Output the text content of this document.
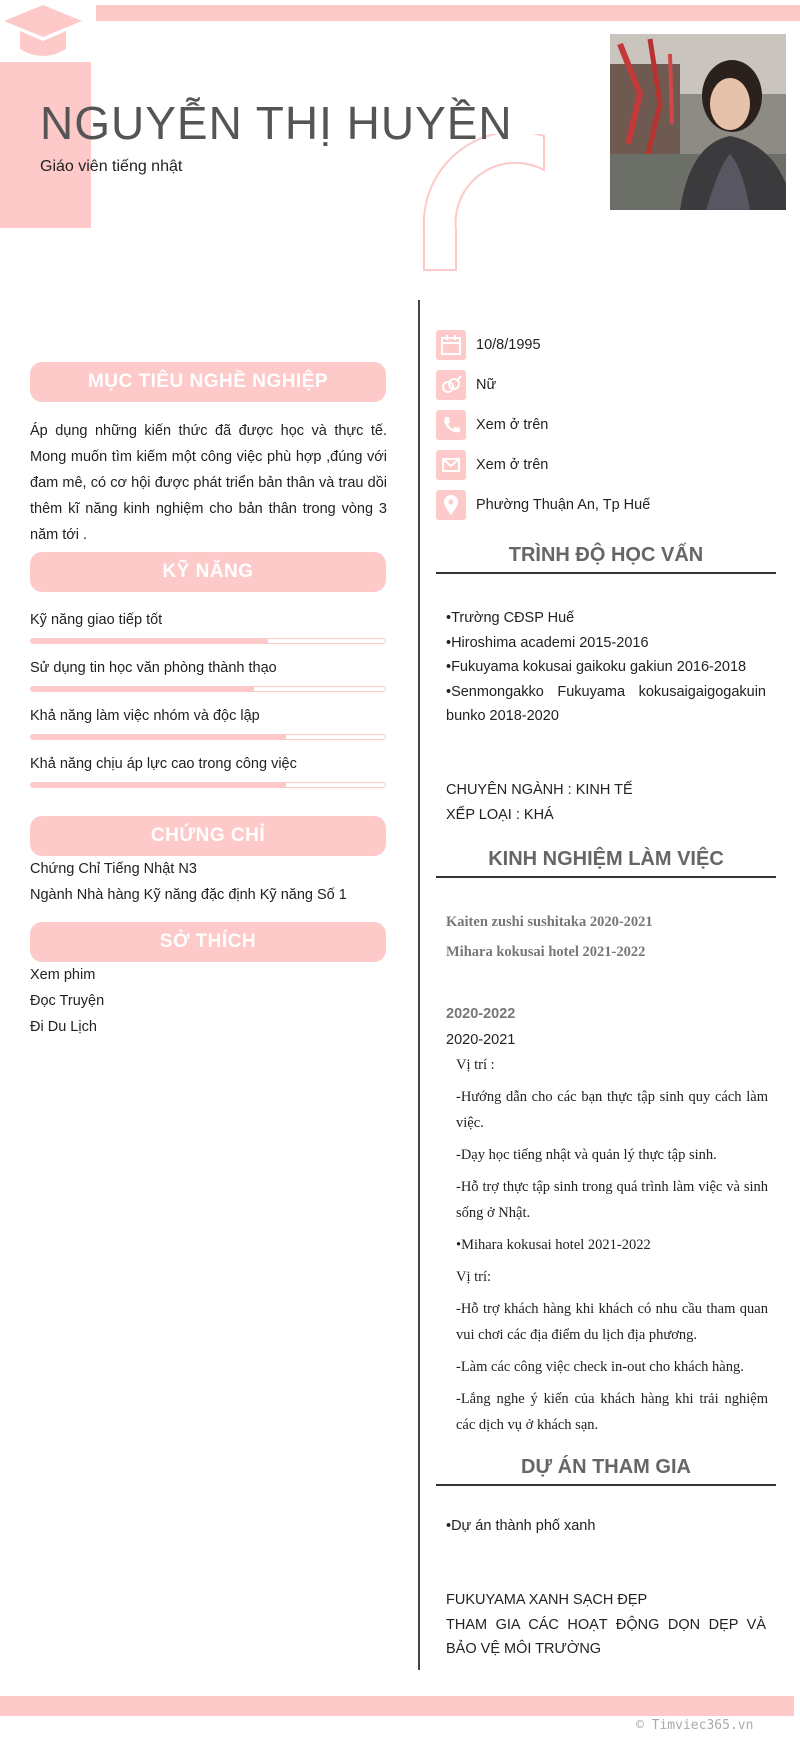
NGUYỄN THỊ HUYỀN
Giáo viên tiếng nhật
MỤC TIÊU NGHỀ NGHIỆP
Áp dụng những kiến thức đã được học và thực tế. Mong muốn tìm kiếm một công việc phù hợp ,đúng với đam mê, có cơ hội được phát triển bản thân và trau dồi thêm kĩ năng kinh nghiệm cho bản thân trong vòng 3 năm tới .
KỸ NĂNG
Kỹ năng giao tiếp tốt
Sử dụng tin học văn phòng thành thạo
Khả năng làm việc nhóm và độc lập
Khả năng chịu áp lực cao trong công việc
CHỨNG CHỈ
Chứng Chỉ Tiếng Nhật N3
Ngành Nhà hàng Kỹ năng đặc định Kỹ năng Số 1
SỞ THÍCH
Xem phim
Đọc Truyện
Đi Du Lịch
10/8/1995
Nữ
Xem ở trên
Xem ở trên
Phường Thuận An, Tp Huế
TRÌNH ĐỘ HỌC VẤN
•Trường CĐSP Huế
•Hiroshima academi 2015-2016
•Fukuyama kokusai gaikoku gakiun 2016-2018
•Senmongakko Fukuyama kokusaigaigogakuin bunko 2018-2020
CHUYÊN NGÀNH : KINH TẾ
XẾP LOẠI : KHÁ
KINH NGHIỆM LÀM VIỆC
Kaiten zushi sushitaka 2020-2021
Mihara kokusai hotel 2021-2022
2020-2022
2020-2021

Vị trí :

-Hướng dẫn cho các bạn thực tập sinh quy cách làm việc.

-Dạy học tiếng nhật và quản lý thực tập sinh.

-Hỗ trợ thực tập sinh trong quá trình làm việc và sinh sống ở Nhật.

•Mihara kokusai hotel 2021-2022

Vị trí:

-Hỗ trợ khách hàng khi khách có nhu cầu tham quan vui chơi các địa điểm du lịch địa phương.

-Làm các công việc check in-out cho khách hàng.

-Lắng nghe ý kiến của khách hàng khi trải nghiệm các dịch vụ ở khách sạn.

DỰ ÁN THAM GIA
•Dự án thành phố xanh
FUKUYAMA XANH SẠCH ĐẸP
THAM GIA CÁC HOẠT ĐỘNG DỌN DẸP VÀ BẢO VỆ MÔI TRƯỜNG
© Timviec365.vn
